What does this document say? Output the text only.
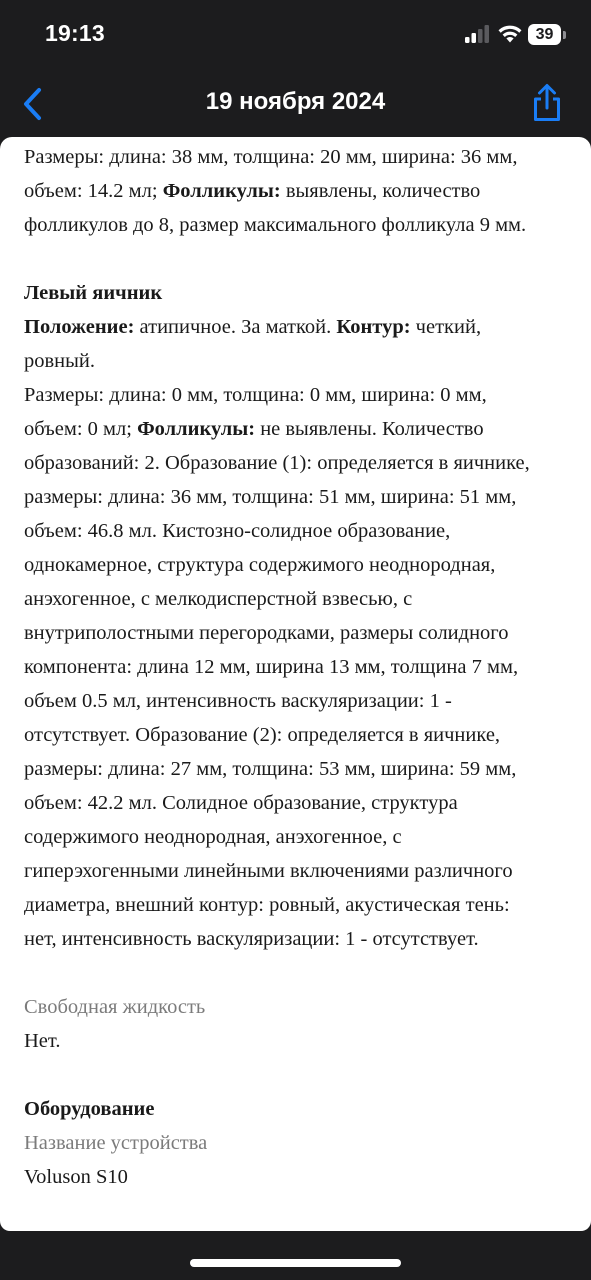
19:13	39
19 ноября 2024

Размеры: длина: 38 мм, толщина: 20 мм, ширина: 36 мм,

объем: 14.2 мл; Фолликулы: выявлены, количество

фолликулов до 8, размер максимального фолликула 9 мм.

Левый яичник

Положение: атипичное. За маткой. Контур: четкий,

ровный.

Размеры: длина: 0 мм, толщина: 0 мм, ширина: 0 мм,

объем: 0 мл; Фолликулы: не выявлены. Количество

образований: 2. Образование (1): определяется в яичнике,

размеры: длина: 36 мм, толщина: 51 мм, ширина: 51 мм,

объем: 46.8 мл. Кистозно-солидное образование,

однокамерное, структура содержимого неоднородная,

анэхогенное, с мелкодисперстной взвесью, с

внутриполостными перегородками, размеры солидного

компонента: длина 12 мм, ширина 13 мм, толщина 7 мм,

объем 0.5 мл, интенсивность васкуляризации: 1 -

отсутствует. Образование (2): определяется в яичнике,

размеры: длина: 27 мм, толщина: 53 мм, ширина: 59 мм,

объем: 42.2 мл. Солидное образование, структура

содержимого неоднородная, анэхогенное, с

гиперэхогенными линейными включениями различного

диаметра, внешний контур: ровный, акустическая тень:

нет, интенсивность васкуляризации: 1 - отсутствует.

Свободная жидкость

Нет.

Оборудование

Название устройства

Voluson S10
